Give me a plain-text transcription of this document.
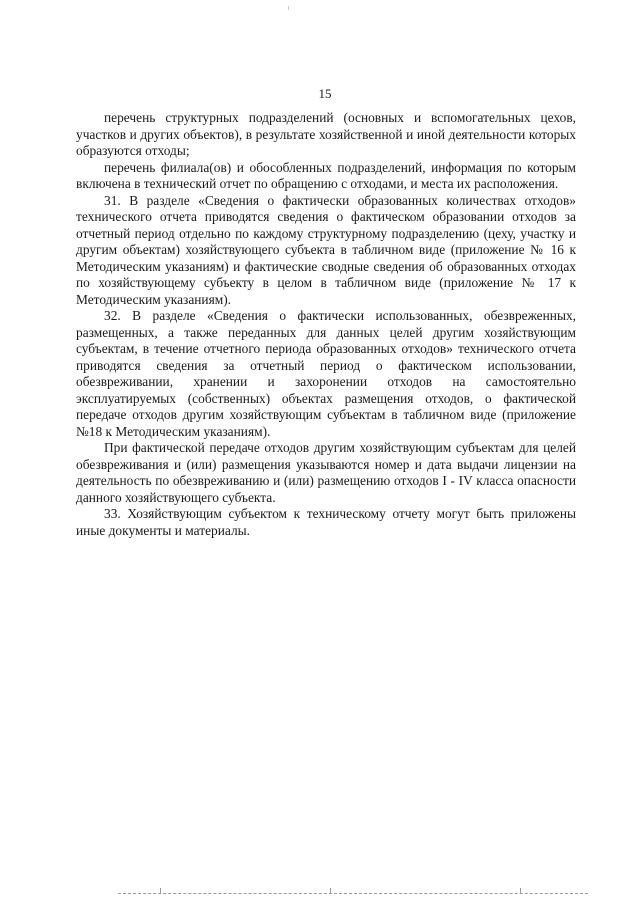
15

перечень структурных подразделений (основных и вспомогательных цехов, участков и других объектов), в результате хозяйственной и иной деятельности которых образуются отходы;

перечень филиала(ов) и обособленных подразделений, информация по которым включена в технический отчет по обращению с отходами, и места их расположения.

31. В разделе «Сведения о фактически образованных количествах отходов» технического отчета приводятся сведения о фактическом образовании отходов за отчетный период отдельно по каждому структурному подразделению (цеху, участку и другим объектам) хозяйствующего субъекта в табличном виде (приложение № 16 к Методическим указаниям) и фактические сводные сведения об образованных отходах по хозяйствующему субъекту в целом в табличном виде (приложение № 17 к Методическим указаниям).

32. В разделе «Сведения о фактически использованных, обезвреженных, размещенных, а также переданных для данных целей другим хозяйствующим субъектам, в течение отчетного периода образованных отходов» технического отчета приводятся сведения за отчетный период о фактическом использовании, обезвреживании, хранении и захоронении отходов на самостоятельно эксплуатируемых (собственных) объектах размещения отходов, о фактической передаче отходов другим хозяйствующим субъектам в табличном виде (приложение №18 к Методическим указаниям).

При фактической передаче отходов другим хозяйствующим субъектам для целей обезвреживания и (или) размещения указываются номер и дата выдачи лицензии на деятельность по обезвреживанию и (или) размещению отходов I - IV класса опасности данного хозяйствующего субъекта.

33. Хозяйствующим субъектом к техническому отчету могут быть приложены иные документы и материалы.
